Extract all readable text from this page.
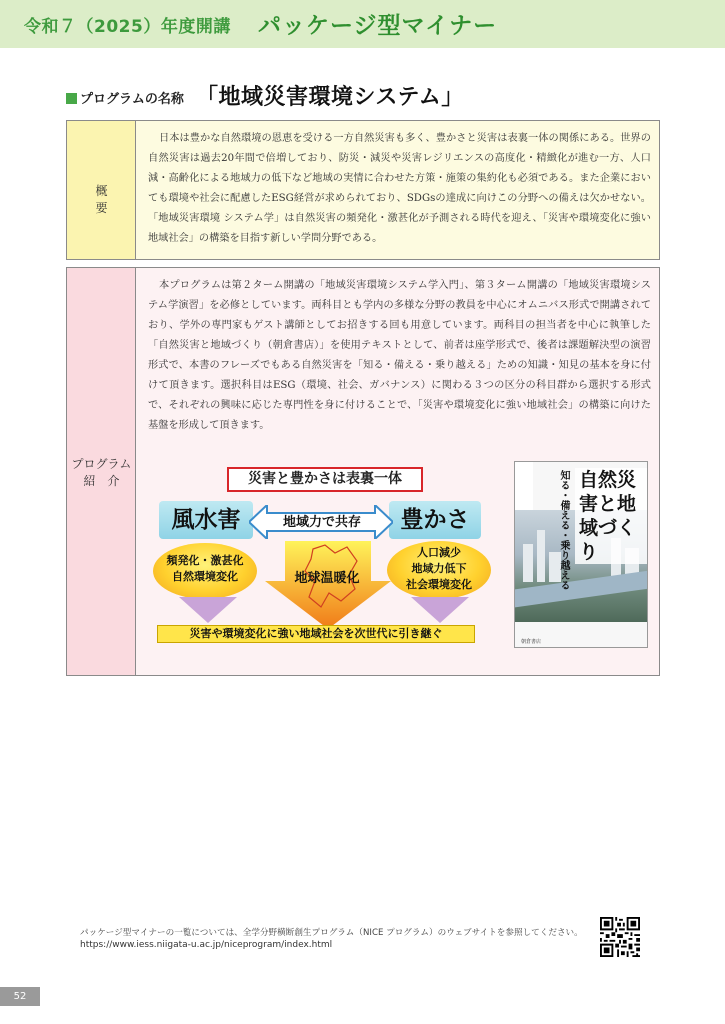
令和７（2025）年度開講 パッケージ型マイナー
プログラムの名称 「地域災害環境システム」
概要
日本は豊かな自然環境の恩恵を受ける一方自然災害も多く、豊かさと災害は表裏一体の関係にある。世界の自然災害は過去20年間で倍増しており、防災・減災や災害レジリエンスの高度化・精緻化が進む一方、人口減・高齢化による地域力の低下など地域の実情に合わせた方策・施策の集約化も必須である。また企業においても環境や社会に配慮したESG経営が求められており、SDGsの達成に向けこの分野への備えは欠かせない。「地域災害環境 システム学」は自然災害の頻発化・激甚化が予測される時代を迎え、「災害や環境変化に強い地域社会」の構築を目指す新しい学問分野である。
プログラム
紹　介
本プログラムは第２ターム開講の「地域災害環境システム学入門」、第３ターム開講の「地域災害環境システム学演習」を必修としています。両科目とも学内の多様な分野の教員を中心にオムニバス形式で開講されており、学外の専門家もゲスト講師としてお招きする回も用意しています。両科目の担当者を中心に執筆した「自然災害と地域づくり（朝倉書店）」を使用テキストとして、前者は座学形式で、後者は課題解決型の演習形式で、本書のフレーズでもある自然災害を「知る・備える・乗り越える」ための知識・知見の基本を身に付けて頂きます。選択科目はESG（環境、社会、ガバナンス）に関わる３つの区分の科目群から選択する形式で、それぞれの興味に応じた専門性を身に付けることで、「災害や環境変化に強い地域社会」の構築に向けた基盤を形成して頂きます。
災害と豊かさは表裏一体
風水害	豊かさ
地域力で共存
地球温暖化
頻発化・激甚化
自然環境変化
人口減少
地域力低下
社会環境変化
災害や環境変化に強い地域社会を次世代に引き継ぐ
自然災害と地域づくり
知る・備える・乗り越える
朝倉書店
パッケージ型マイナーの一覧については、全学分野横断創生プログラム（NICE プログラム）のウェブサイトを参照してください。
https://www.iess.niigata-u.ac.jp/niceprogram/index.html
52
